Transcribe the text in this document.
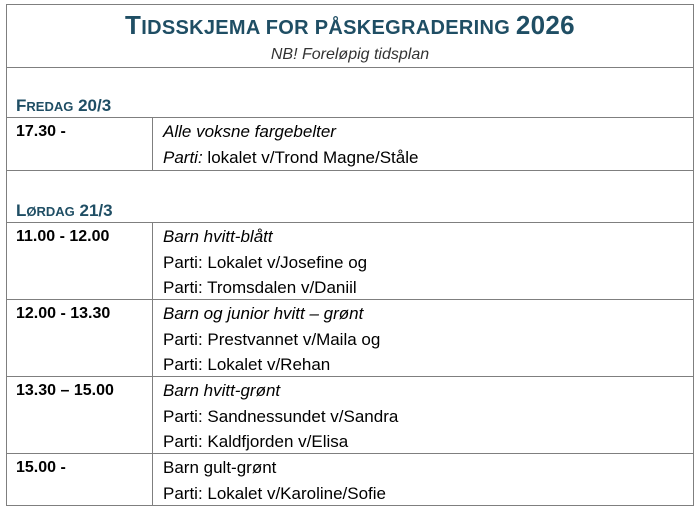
TIDSSKJEMA FOR PÅSKEGRADERING 2026
NB! Foreløpig tidsplan
FREDAG 20/3
17.30 -	Alle voksne fargebelter
Parti: lokalet v/Trond Magne/Ståle
LØRDAG 21/3
11.00 - 12.00	Barn hvitt-blått
Parti: Lokalet v/Josefine og
Parti: Tromsdalen v/Daniil
12.00 - 13.30	Barn og junior hvitt – grønt
Parti: Prestvannet v/Maila og
Parti: Lokalet v/Rehan
13.30 – 15.00	Barn hvitt-grønt
Parti: Sandnessundet v/Sandra
Parti: Kaldfjorden v/Elisa
15.00 -	Barn gult-grønt
Parti: Lokalet v/Karoline/Sofie
